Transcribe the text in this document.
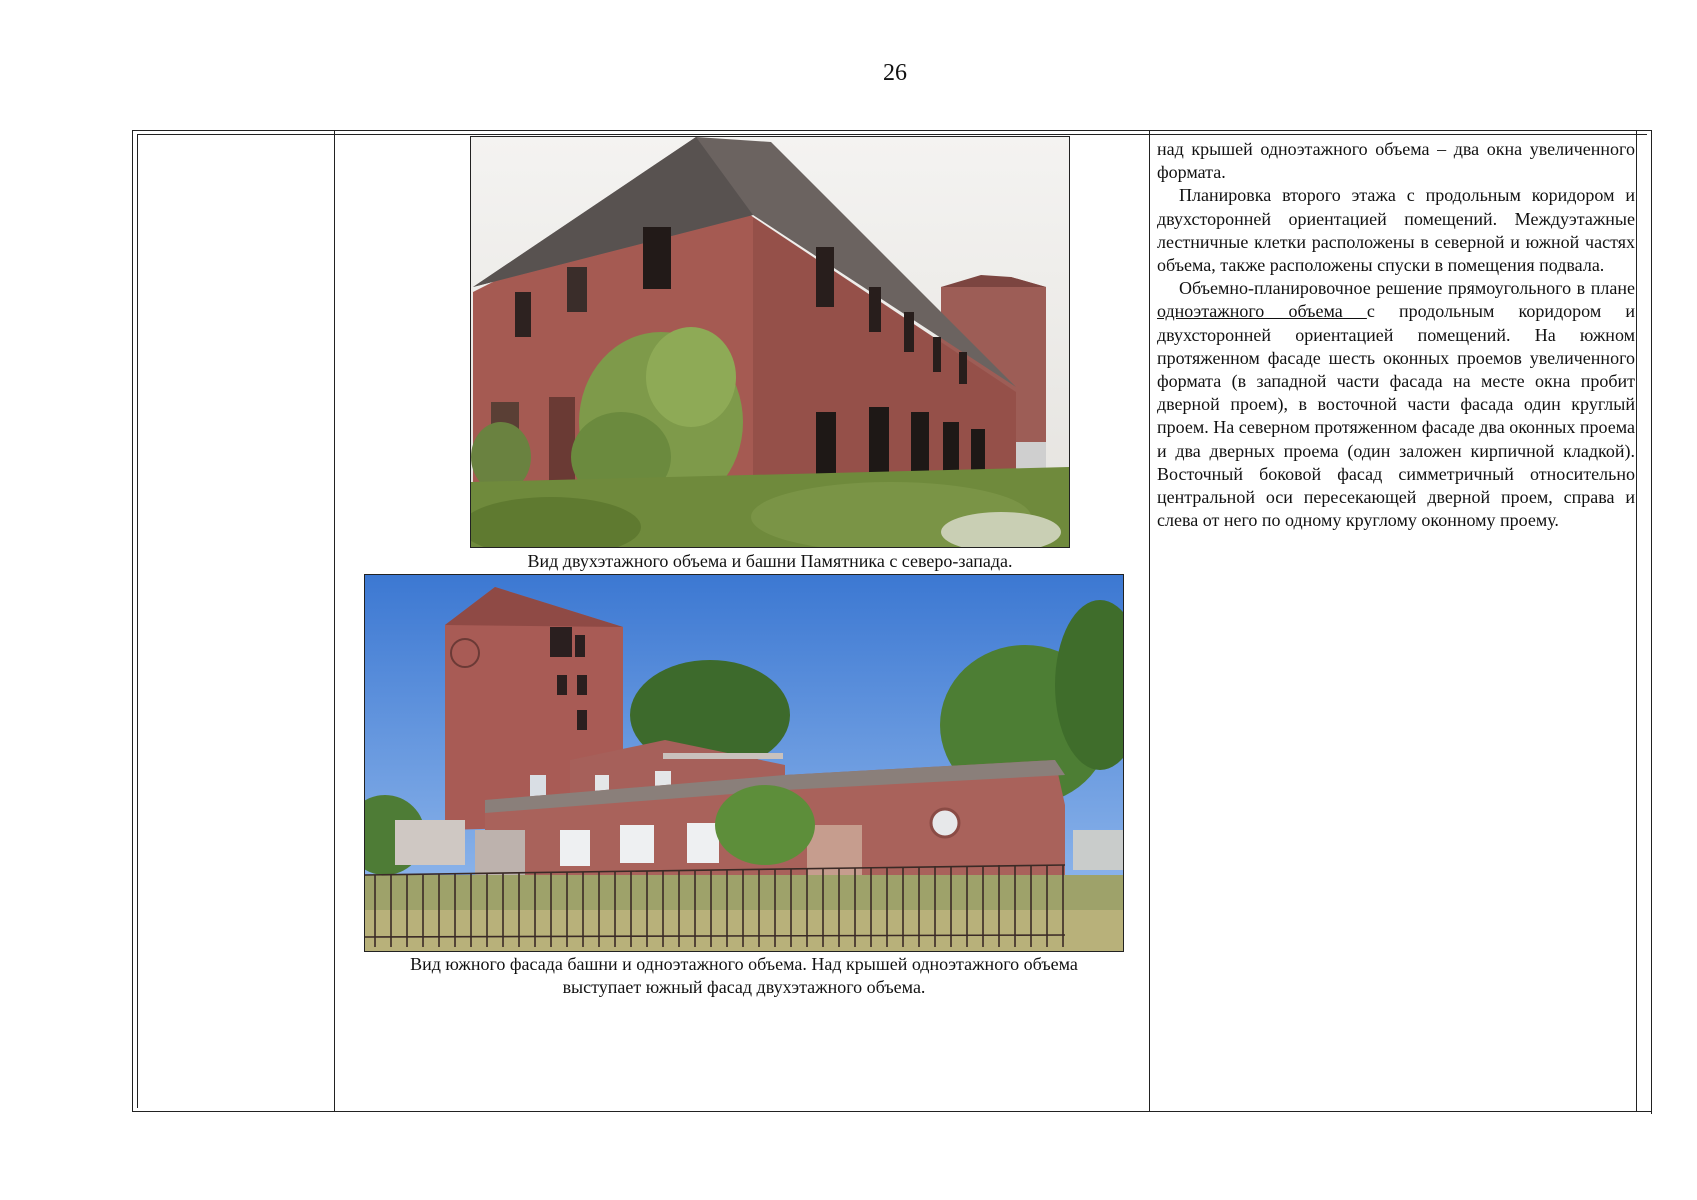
26
Вид двухэтажного объема и башни Памятника с северо-запада.
Вид южного фасада башни и одноэтажного объема. Над крышей одноэтажного объема
выступает южный фасад двухэтажного объема.

над крышей одноэтажного объема – два окна увеличенного формата.

Планировка второго этажа с продольным коридором и двухсторонней ориентацией помещений. Междуэтажные лестничные клетки расположены в северной и южной частях объема, также расположены спуски в помещения подвала.

Объемно-планировочное решение прямоугольного в плане одноэтажного объема с продольным коридором и двухсторонней ориентацией помещений. На южном протяженном фасаде шесть оконных проемов увеличенного формата (в западной части фасада на месте окна пробит дверной проем), в восточной части фасада один круглый проем. На северном протяженном фасаде два оконных проема и два дверных проема (один заложен кирпичной кладкой). Восточный боковой фасад симметричный относительно центральной оси пересекающей дверной проем, справа и слева от него по одному круглому оконному проему.
